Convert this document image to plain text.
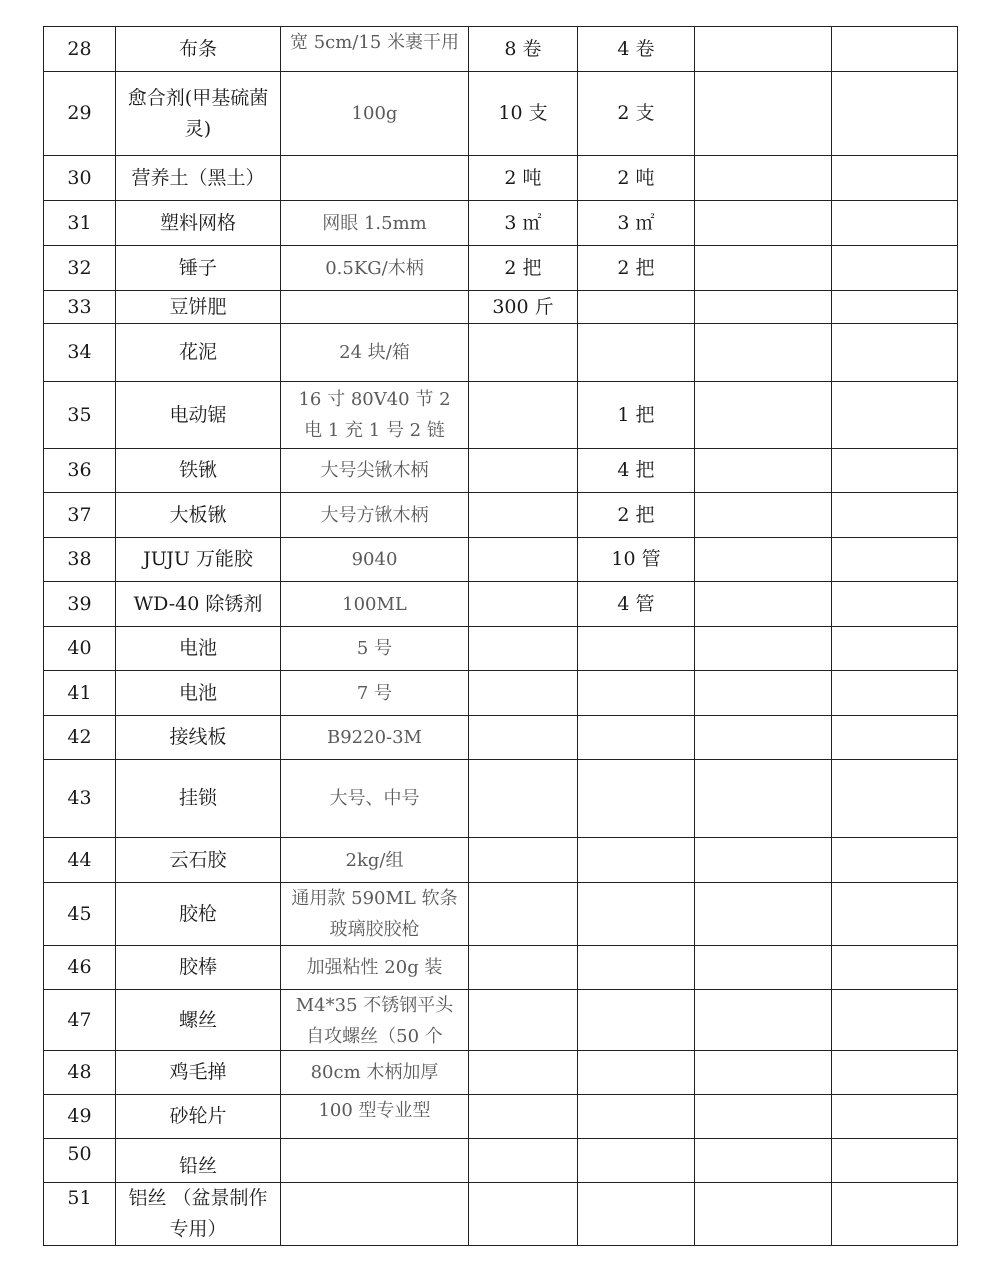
28	布条	宽 5cm/15 米裹干用	8 卷	4 卷		
29	愈合剂(甲基硫菌灵)	100g	10 支	2 支		
30	营养土（黑土）		2 吨	2 吨		
31	塑料网格	网眼 1.5mm	3 ㎡	3 ㎡		
32	锤子	0.5KG/木柄	2 把	2 把		
33	豆饼肥		300 斤			
34	花泥	24 块/箱				
35	电动锯	16 寸 80V40 节 2 电 1 充 1 号 2 链		1 把		
36	铁锹	大号尖锹木柄		4 把		
37	大板锹	大号方锹木柄		2 把		
38	JUJU 万能胶	9040		10 管		
39	WD-40 除锈剂	100ML		4 管		
40	电池	5 号				
41	电池	7 号				
42	接线板	B9220-3M				
43	挂锁	大号、中号				
44	云石胶	2kg/组				
45	胶枪	通用款 590ML 软条玻璃胶胶枪				
46	胶棒	加强粘性 20g 装				
47	螺丝	M4*35 不锈钢平头自攻螺丝（50 个				

48	鸡毛掸	80cm 木柄加厚				
49	砂轮片	100 型专业型				
50	铅丝					
51	铝丝 （盆景制作专用）					
